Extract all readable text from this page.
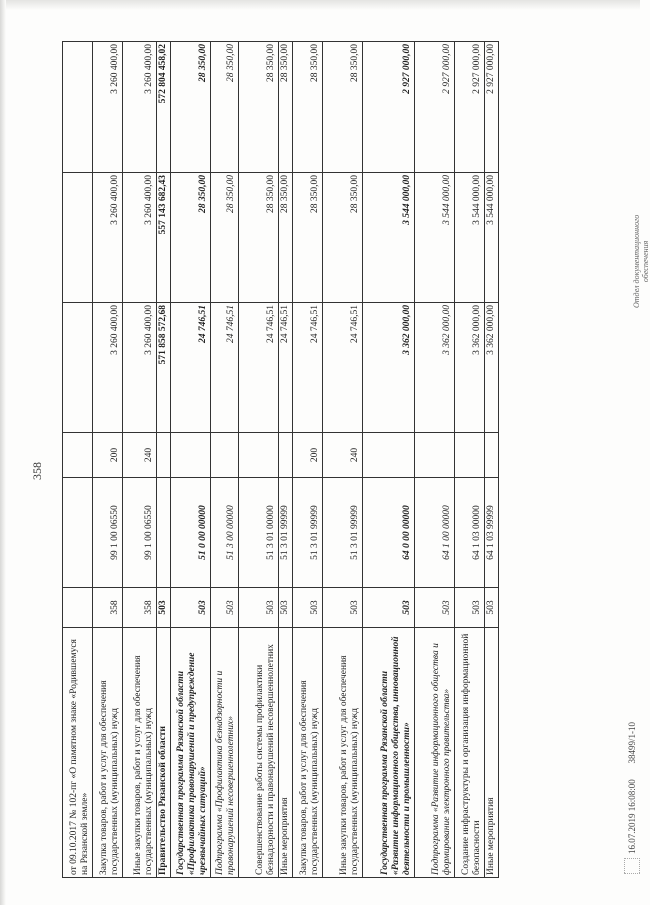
358
от 09.10.2017 № 102-пг «О памятном знаке «Родившемуся на Рязанской земле»						
Закупка товаров, работ и услуг для обеспечения государственных (муниципальных) нужд	358	99 1 00 06550	200	3 260 400,00	3 260 400,00	3 260 400,00
Иные закупки товаров, работ и услуг для обеспечения государственных (муниципальных) нужд	358	99 1 00 06550	240	3 260 400,00	3 260 400,00	3 260 400,00
Правительство Рязанской области	503			571 858 572,68	557 143 682,43	572 804 458,02
Государственная программа Рязанской области «Профилактика правонарушений и предупреждение чрезвычайных ситуаций»	503	51 0 00 00000		24 746,51	28 350,00	28 350,00
Подпрограмма «Профилактика безнадзорности и правонарушений несовершеннолетних»	503	51 3 00 00000		24 746,51	28 350,00	28 350,00
Совершенствование работы системы профилактики безнадзорности и правонарушений несовершеннолетних	503	51 3 01 00000		24 746,51	28 350,00	28 350,00
Иные мероприятия	503	51 3 01 99999		24 746,51	28 350,00	28 350,00
Закупка товаров, работ и услуг для обеспечения государственных (муниципальных) нужд	503	51 3 01 99999	200	24 746,51	28 350,00	28 350,00
Иные закупки товаров, работ и услуг для обеспечения государственных (муниципальных) нужд	503	51 3 01 99999	240	24 746,51	28 350,00	28 350,00
Государственная программа Рязанской области «Развитие информационного общества, инновационной деятельности и промышленности»	503	64 0 00 00000		3 362 000,00	3 544 000,00	2 927 000,00
Подпрограмма «Развитие информационного общества и формирование электронного правительства»	503	64 1 00 00000		3 362 000,00	3 544 000,00	2 927 000,00
Создание инфраструктуры и организация информационной безопасности	503	64 1 03 00000		3 362 000,00	3 544 000,00	2 927 000,00
Иные мероприятия	503	64 1 03 99999		3 362 000,00	3 544 000,00	2 927 000,00
16.07.2019 16:08:00       38499/1-10
Отдел документационного обеспечения
